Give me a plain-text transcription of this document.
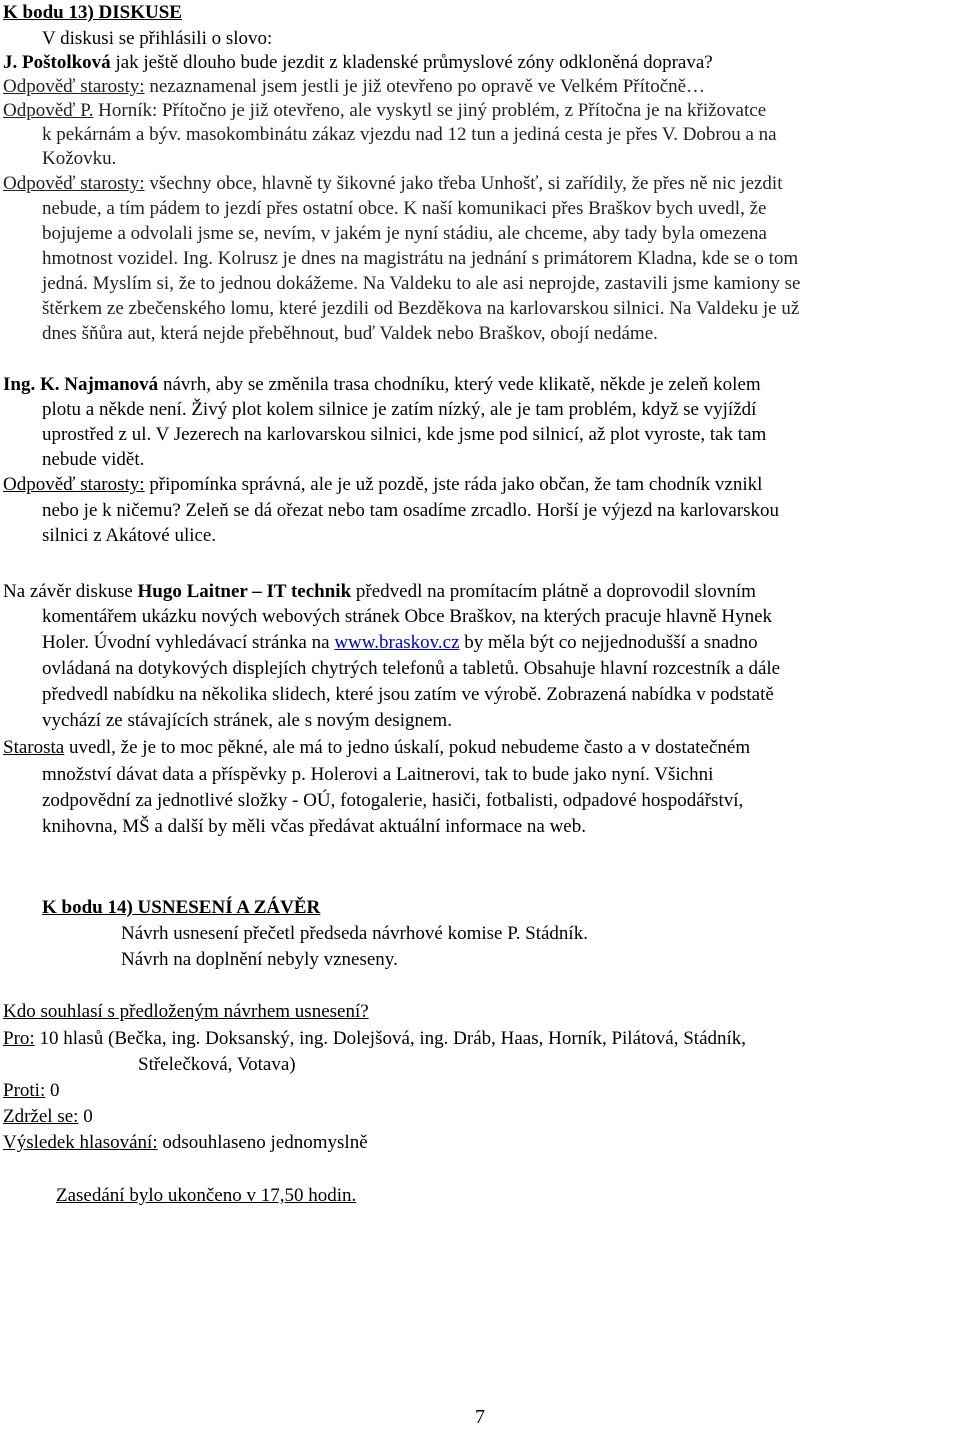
K bodu 13) DISKUSE
V diskusi se přihlásili o slovo:
J. Poštolková jak ještě dlouho bude jezdit z kladenské průmyslové zóny odkloněná doprava?
Odpověď starosty: nezaznamenal jsem jestli je již otevřeno po opravě ve Velkém Přítočně…
Odpověď P. Horník: Přítočno je již otevřeno, ale vyskytl se jiný problém, z Přítočna je na křižovatce
k pekárnám a býv. masokombinátu zákaz vjezdu nad 12 tun a jediná cesta je přes V. Dobrou a na
Kožovku.
Odpověď starosty: všechny obce, hlavně ty šikovné jako třeba Unhošť, si zařídily, že přes ně nic jezdit
nebude, a tím pádem to jezdí přes ostatní obce. K naší komunikaci přes Braškov bych uvedl, že
bojujeme a odvolali jsme se, nevím, v jakém je nyní stádiu, ale chceme, aby tady byla omezena
hmotnost vozidel. Ing. Kolrusz je dnes na magistrátu na jednání s primátorem Kladna, kde se o tom
jedná. Myslím si, že to jednou dokážeme. Na Valdeku to ale asi neprojde, zastavili jsme kamiony se
štěrkem ze zbečenského lomu, které jezdili od Bezděkova na karlovarskou silnici. Na Valdeku je už
dnes šňůra aut, která nejde přeběhnout, buď Valdek nebo Braškov, obojí nedáme.
Ing. K. Najmanová návrh, aby se změnila trasa chodníku, který vede klikatě, někde je zeleň kolem
plotu a někde není. Živý plot kolem silnice je zatím nízký, ale je tam problém, když se vyjíždí
uprostřed z ul. V Jezerech na karlovarskou silnici, kde jsme pod silnicí, až plot vyroste, tak tam
nebude vidět.
Odpověď starosty: připomínka správná, ale je už pozdě, jste ráda jako občan, že tam chodník vznikl
nebo je k ničemu? Zeleň se dá ořezat nebo tam osadíme zrcadlo. Horší je výjezd na karlovarskou
silnici z Akátové ulice.
Na závěr diskuse Hugo Laitner – IT technik předvedl na promítacím plátně a doprovodil slovním
komentářem ukázku nových webových stránek Obce Braškov, na kterých pracuje hlavně Hynek
Holer. Úvodní vyhledávací stránka na www.braskov.cz by měla být co nejjednodušší a snadno
ovládaná na dotykových displejích chytrých telefonů a tabletů. Obsahuje hlavní rozcestník a dále
předvedl nabídku na několika slidech, které jsou zatím ve výrobě. Zobrazená nabídka v podstatě
vychází ze stávajících stránek, ale s novým designem.
Starosta uvedl, že je to moc pěkné, ale má to jedno úskalí, pokud nebudeme často a v dostatečném
množství dávat data a příspěvky p. Holerovi a Laitnerovi, tak to bude jako nyní. Všichni
zodpovědní za jednotlivé složky - OÚ, fotogalerie, hasiči, fotbalisti, odpadové hospodářství,
knihovna, MŠ a další by měli včas předávat aktuální informace na web.
K bodu 14) USNESENÍ A ZÁVĚR
Návrh usnesení přečetl předseda návrhové komise P. Stádník.
Návrh na doplnění nebyly vzneseny.
Kdo souhlasí s předloženým návrhem usnesení?
Pro: 10 hlasů (Bečka, ing. Doksanský, ing. Dolejšová, ing. Dráb, Haas, Horník, Pilátová, Stádník,
Střelečková, Votava)
Proti: 0
Zdržel se: 0
Výsledek hlasování: odsouhlaseno jednomyslně
Zasedání bylo ukončeno v 17,50 hodin.
7
